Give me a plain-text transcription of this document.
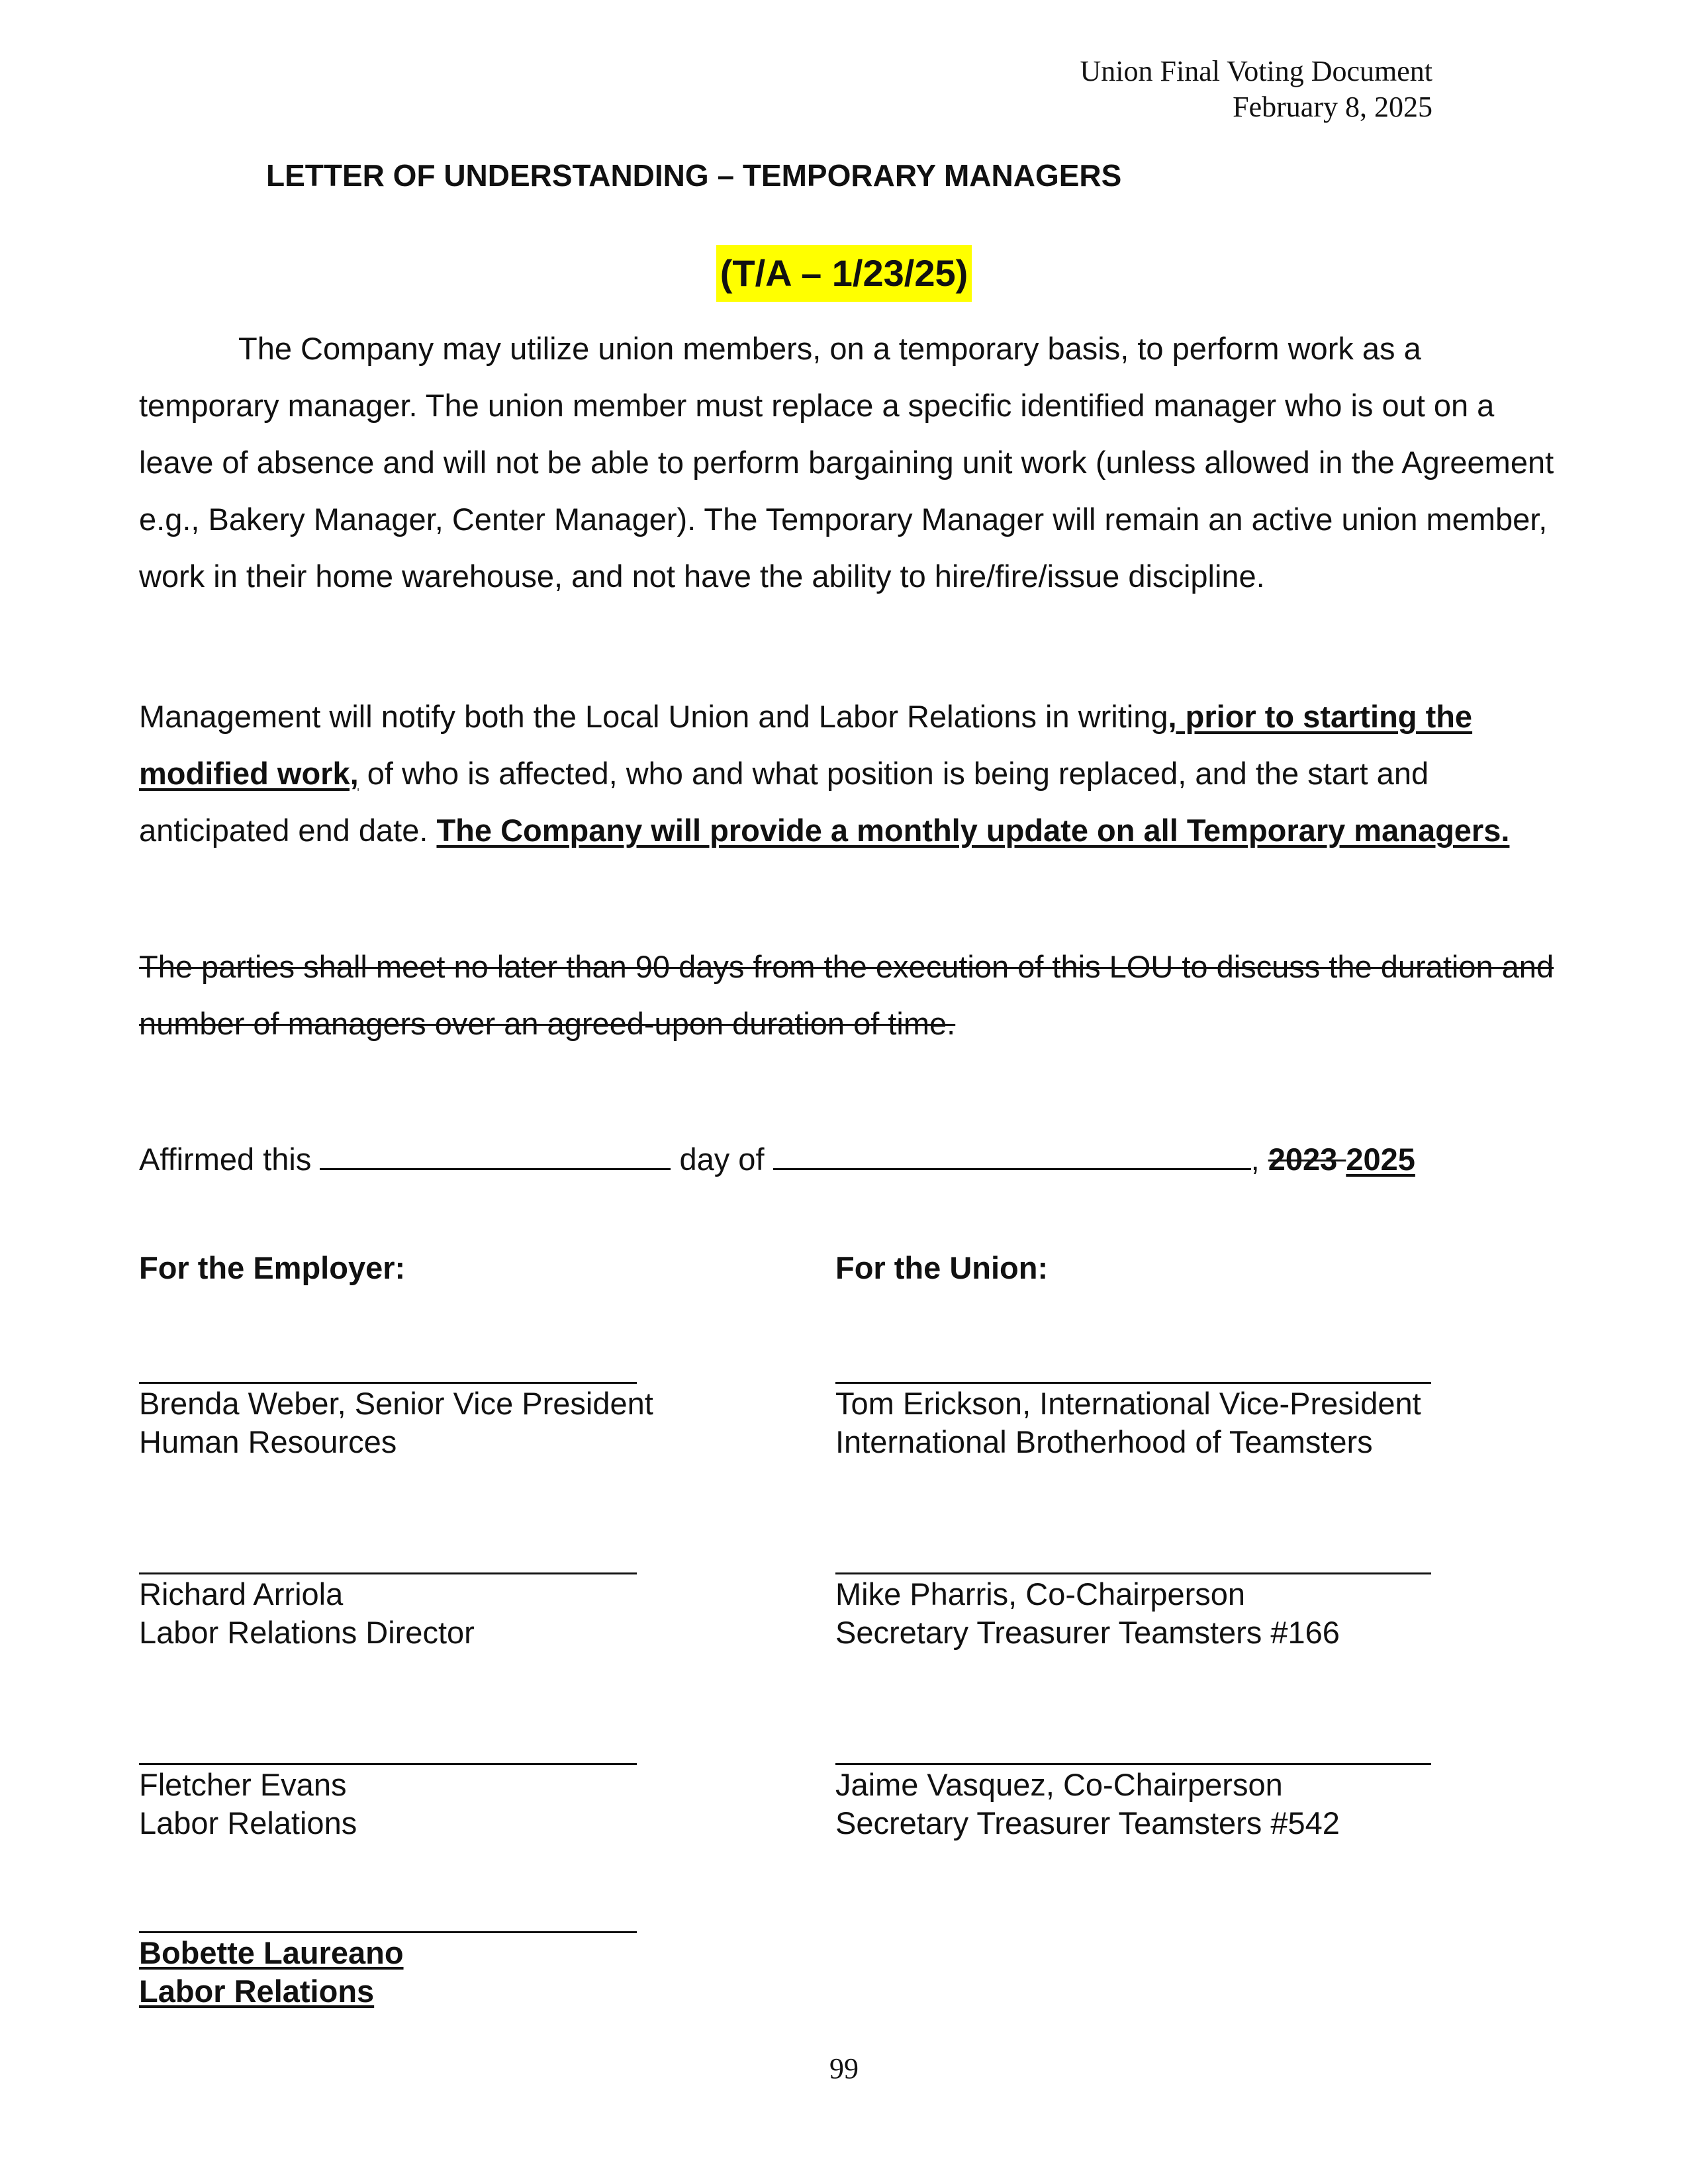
Union Final Voting Document
February 8, 2025
LETTER OF UNDERSTANDING – TEMPORARY MANAGERS
(T/A – 1/23/25)

The Company may utilize union members, on a temporary basis, to perform work as a temporary manager. The union member must replace a specific identified manager who is out on a leave of absence and will not be able to perform bargaining unit work (unless allowed in the Agreement e.g., Bakery Manager, Center Manager). The Temporary Manager will remain an active union member, work in their home warehouse, and not have the ability to hire/fire/issue discipline.

Management will notify both the Local Union and Labor Relations in writing, prior to starting the modified work, of who is affected, who and what position is being replaced, and the start and anticipated end date. The Company will provide a monthly update on all Temporary managers.

The parties shall meet no later than 90 days from the execution of this LOU to discuss the duration and number of managers over an agreed-upon duration of time.

Affirmed this	day of	, 2023 2025
For the Employer:	For the Union:
Brenda Weber, Senior Vice President
Human Resources
Richard Arriola
Labor Relations Director
Fletcher Evans
Labor Relations
Bobette Laureano
Labor Relations
Tom Erickson, International Vice-President
International Brotherhood of Teamsters
Mike Pharris, Co-Chairperson
Secretary Treasurer Teamsters #166
Jaime Vasquez, Co-Chairperson
Secretary Treasurer Teamsters #542
99
